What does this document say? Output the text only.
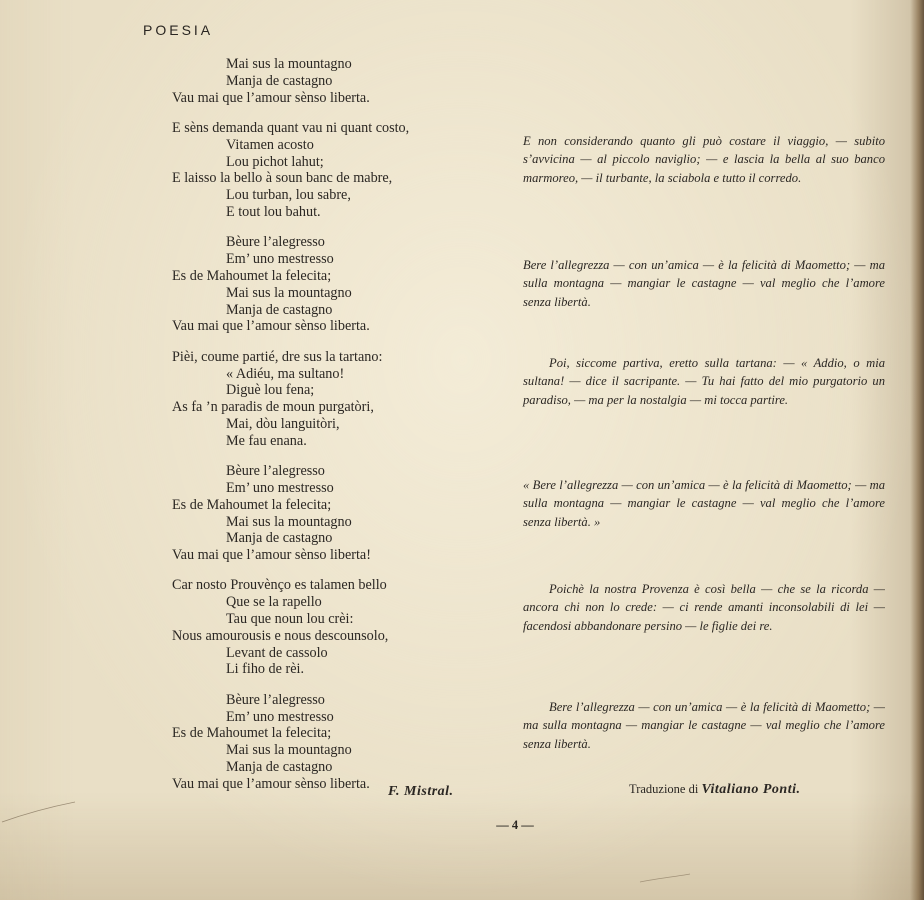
POESIA
Mai sus la mountagno
Manja de castagno
Vau mai que l’amour sènso liberta.
E sèns demanda quant vau ni quant costo,
Vitamen acosto
Lou pichot lahut;
E laisso la bello à soun banc de mabre,
Lou turban, lou sabre,
E tout lou bahut.
Bèure l’alegresso
Em’ uno mestresso
Es de Mahoumet la felecita;
Mai sus la mountagno
Manja de castagno
Vau mai que l’amour sènso liberta.
Pièi, coume partié, dre sus la tartano:
« Adiéu, ma sultano!
Diguè lou fena;
As fa ’n paradis de moun purgatòri,
Mai, dòu languitòri,
Me fau enana.
Bèure l’alegresso
Em’ uno mestresso
Es de Mahoumet la felecita;
Mai sus la mountagno
Manja de castagno
Vau mai que l’amour sènso liberta!
Car nosto Prouvènço es talamen bello
Que se la rapello
Tau que noun lou crèi:
Nous amourousis e nous descounsolo,
Levant de cassolo
Li fiho de rèi.
Bèure l’alegresso
Em’ uno mestresso
Es de Mahoumet la felecita;
Mai sus la mountagno
Manja de castagno
Vau mai que l’amour sènso liberta.	F. Mistral.
E non considerando quanto gli può costare il viaggio, — subito s’avvicina — al piccolo naviglio; — e lascia la bella al suo banco marmoreo, — il turbante, la sciabola e tutto il corredo.
Bere l’allegrezza — con un’amica — è la felicità di Maometto; — ma sulla montagna — mangiar le castagne — val meglio che l’amore senza libertà.
Poi, siccome partiva, eretto sulla tartana: — « Addio, o mia sultana! — dice il sacripante. — Tu hai fatto del mio purgatorio un paradiso, — ma per la nostalgia — mi tocca partire.
« Bere l’allegrezza — con un’amica — è la felicità di Maometto; — ma sulla montagna — mangiar le castagne — val meglio che l’amore senza libertà. »
Poichè la nostra Provenza è così bella — che se la ricorda — ancora chi non lo crede: — ci rende amanti inconsolabili di lei — facendosi abbandonare persino — le figlie dei re.
Bere l’allegrezza — con un’amica — è la felicità di Maometto; — ma sulla montagna — mangiar le castagne — val meglio che l’amore senza libertà.
Traduzione di Vitaliano Ponti.
— 4 —
